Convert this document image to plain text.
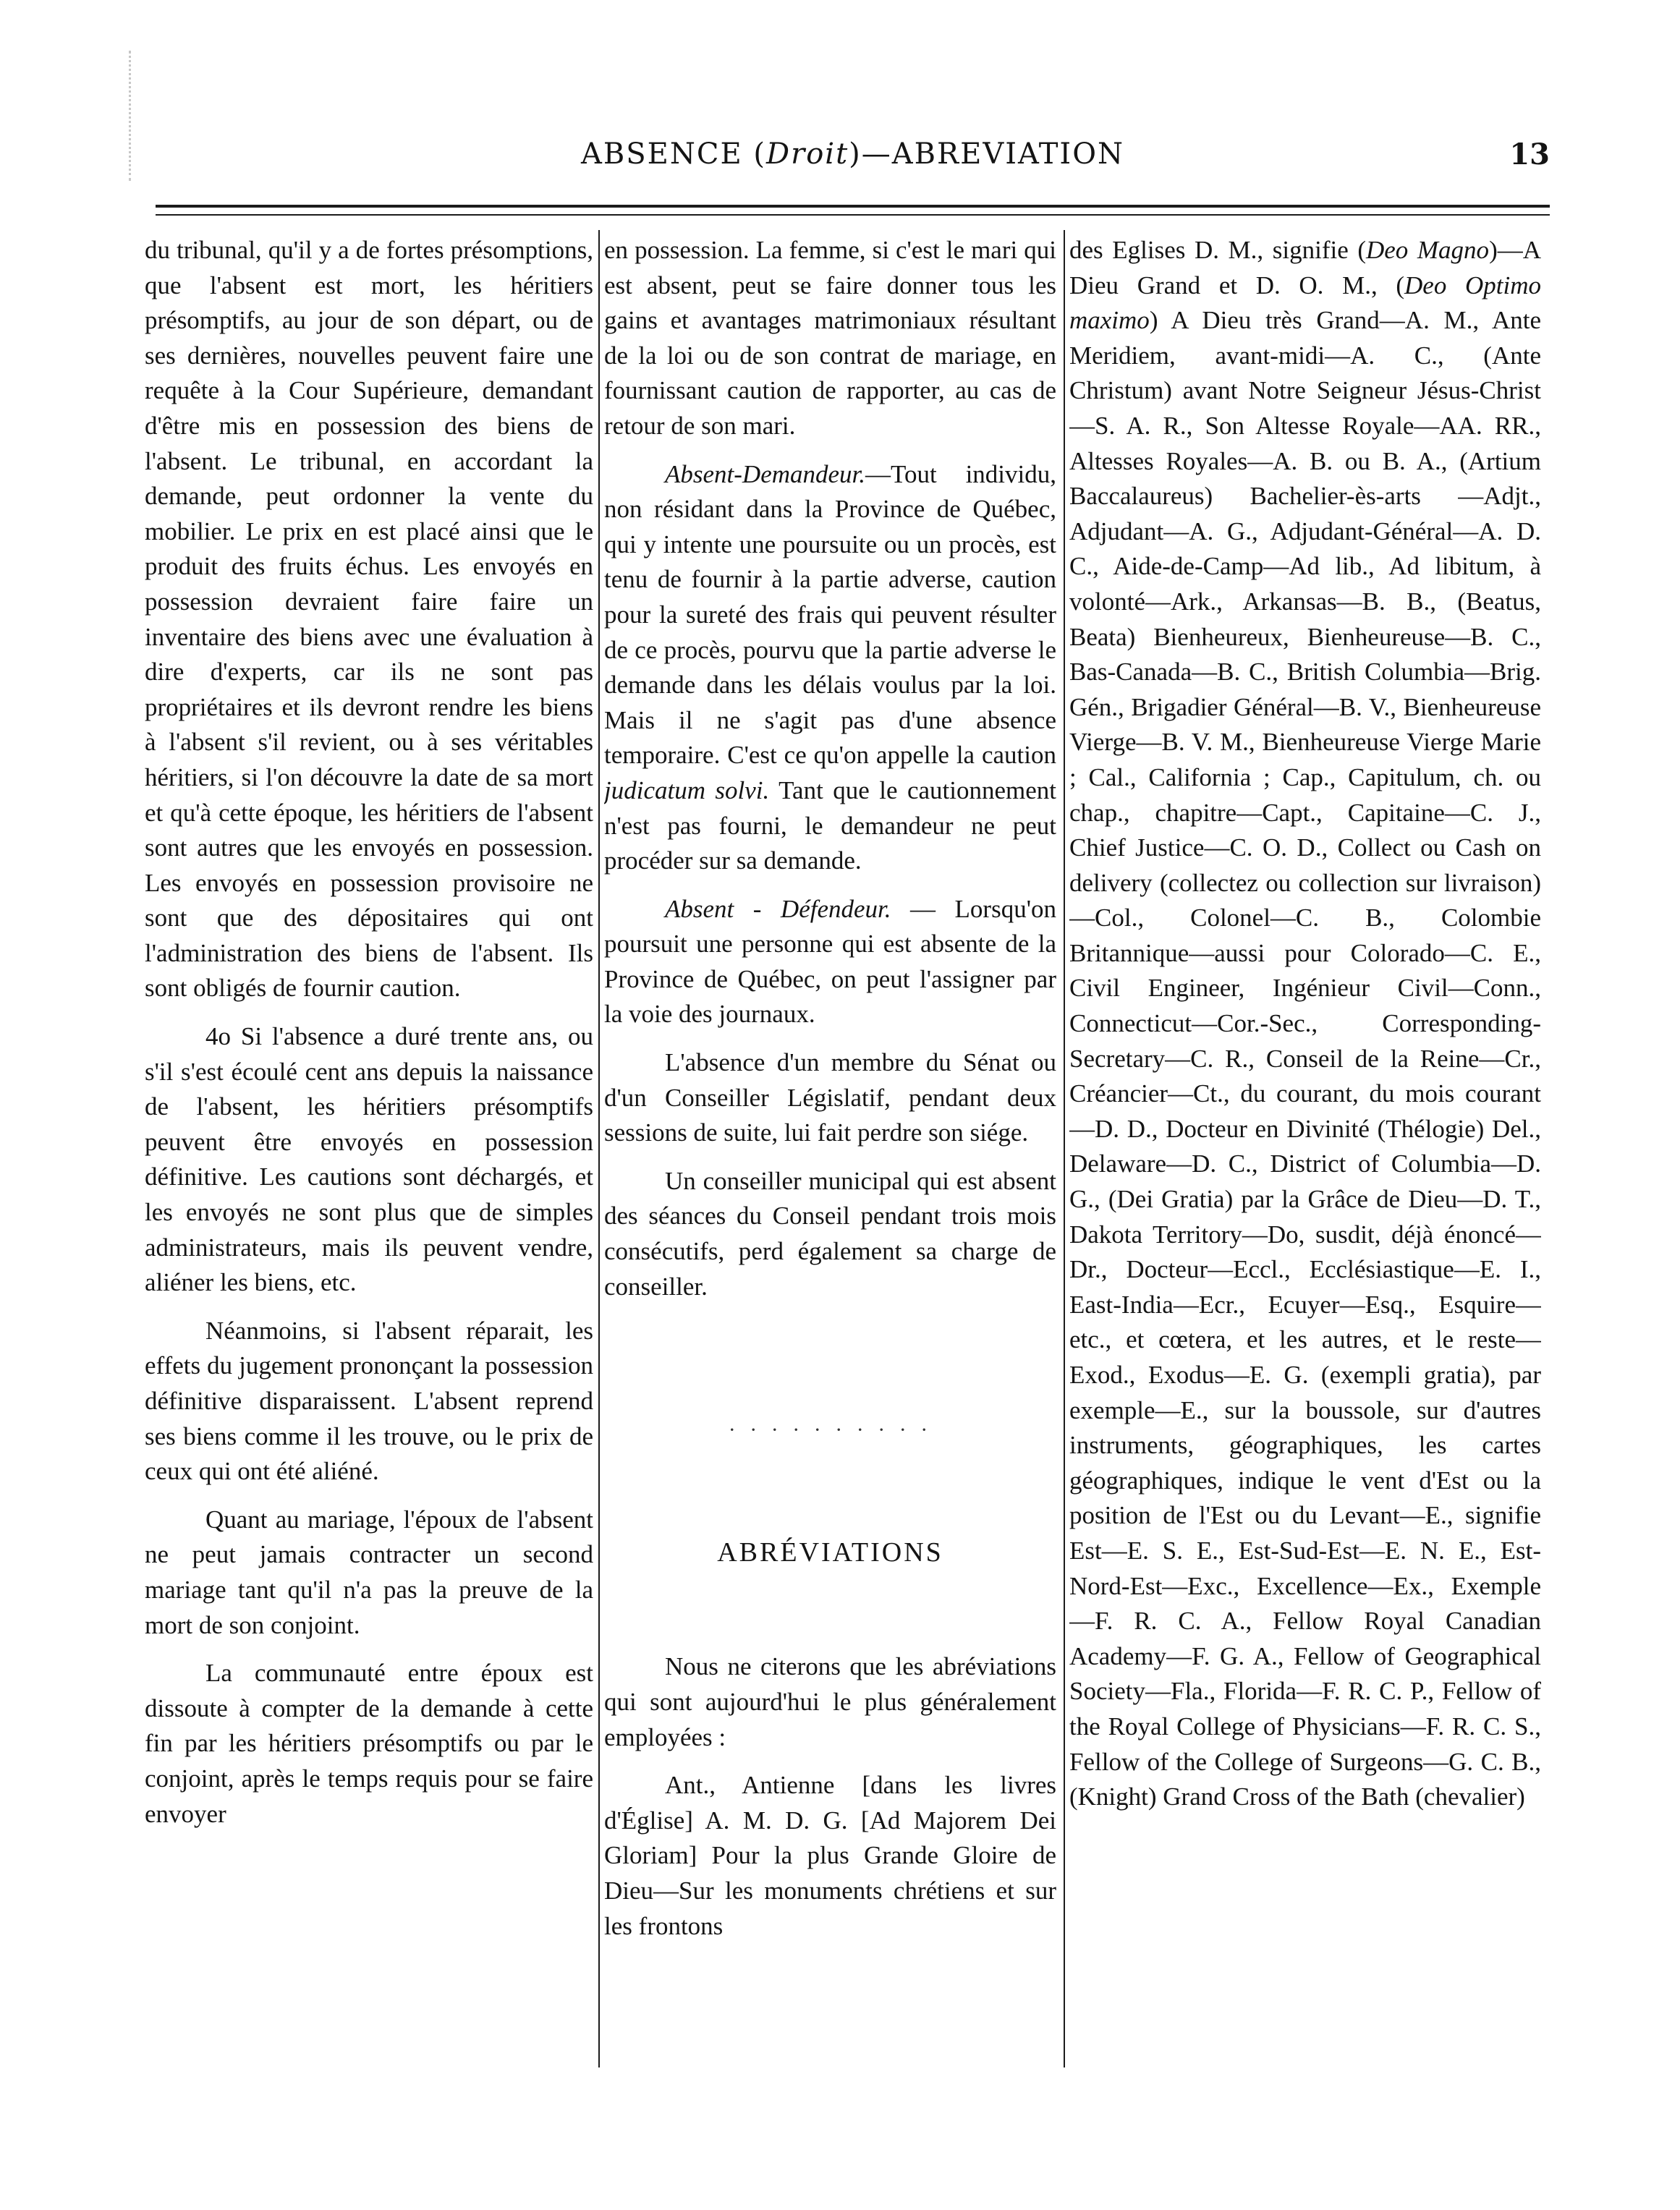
ABSENCE (Droit)—ABREVIATION	13

du tribunal, qu'il y a de fortes présomptions, que l'absent est mort, les héritiers présomptifs, au jour de son départ, ou de ses dernières, nouvelles peuvent faire une requête à la Cour Supérieure, demandant d'être mis en possession des biens de l'absent. Le tribunal, en accordant la demande, peut ordonner la vente du mobilier. Le prix en est placé ainsi que le produit des fruits échus. Les envoyés en possession devraient faire faire un inventaire des biens avec une évaluation à dire d'experts, car ils ne sont pas propriétaires et ils devront rendre les biens à l'absent s'il revient, ou à ses véritables héritiers, si l'on découvre la date de sa mort et qu'à cette époque, les héritiers de l'absent sont autres que les envoyés en possession. Les envoyés en possession provisoire ne sont que des dépositaires qui ont l'administration des biens de l'absent. Ils sont obligés de fournir caution.

4o Si l'absence a duré trente ans, ou s'il s'est écoulé cent ans depuis la naissance de l'absent, les héritiers présomptifs peuvent être envoyés en possession définitive. Les cautions sont déchargés, et les envoyés ne sont plus que de simples administrateurs, mais ils peuvent vendre, aliéner les biens, etc.

Néanmoins, si l'absent réparait, les effets du jugement prononçant la possession définitive disparaissent. L'absent reprend ses biens comme il les trouve, ou le prix de ceux qui ont été aliéné.

Quant au mariage, l'époux de l'absent ne peut jamais contracter un second mariage tant qu'il n'a pas la preuve de la mort de son conjoint.

La communauté entre époux est dissoute à compter de la demande à cette fin par les héritiers présomptifs ou par le conjoint, après le temps requis pour se faire envoyer

en possession. La femme, si c'est le mari qui est absent, peut se faire donner tous les gains et avantages matrimoniaux résultant de la loi ou de son contrat de mariage, en fournissant caution de rapporter, au cas de retour de son mari.

Absent-Demandeur.—Tout individu, non résidant dans la Province de Québec, qui y intente une poursuite ou un procès, est tenu de fournir à la partie adverse, caution pour la sureté des frais qui peuvent résulter de ce procès, pourvu que la partie adverse le demande dans les délais voulus par la loi. Mais il ne s'agit pas d'une absence temporaire. C'est ce qu'on appelle la caution judicatum solvi. Tant que le cautionnement n'est pas fourni, le demandeur ne peut procéder sur sa demande.

Absent - Défendeur. — Lorsqu'on poursuit une personne qui est absente de la Province de Québec, on peut l'assigner par la voie des journaux.

L'absence d'un membre du Sénat ou d'un Conseiller Législatif, pendant deux sessions de suite, lui fait perdre son siége.

Un conseiller municipal qui est absent des séances du Conseil pendant trois mois consécutifs, perd également sa charge de conseiller.

· · · · · · · · · ·
ABRÉVIATIONS

Nous ne citerons que les abréviations qui sont aujourd'hui le plus généralement employées :

Ant., Antienne [dans les livres d'Église] A. M. D. G. [Ad Majorem Dei Gloriam] Pour la plus Grande Gloire de Dieu—Sur les monuments chrétiens et sur les frontons

des Eglises D. M., signifie (Deo Magno)—A Dieu Grand et D. O. M., (Deo Optimo maximo) A Dieu très Grand—A. M., Ante Meridiem, avant-midi—A. C., (Ante Christum) avant Notre Seigneur Jésus-Christ—S. A. R., Son Altesse Royale—AA. RR., Altesses Royales—A. B. ou B. A., (Artium Baccalaureus) Bachelier-ès-arts —Adjt., Adjudant—A. G., Adjudant-Général—A. D. C., Aide-de-Camp—Ad lib., Ad libitum, à volonté—Ark., Arkansas—B. B., (Beatus, Beata) Bienheureux, Bienheureuse—B. C., Bas-Canada—B. C., British Columbia—Brig. Gén., Brigadier Général—B. V., Bienheureuse Vierge—B. V. M., Bienheureuse Vierge Marie ; Cal., California ; Cap., Capitulum, ch. ou chap., chapitre—Capt., Capitaine—C. J., Chief Justice—C. O. D., Collect ou Cash on delivery (collectez ou collection sur livraison)—Col., Colonel—C. B., Colombie Britannique—aussi pour Colorado—C. E., Civil Engineer, Ingénieur Civil—Conn., Connecticut—Cor.-Sec., Corresponding-Secretary—C. R., Conseil de la Reine—Cr., Créancier—Ct., du courant, du mois courant—D. D., Docteur en Divinité (Thélogie) Del., Delaware—D. C., District of Columbia—D. G., (Dei Gratia) par la Grâce de Dieu—D. T., Dakota Territory—Do, susdit, déjà énoncé—Dr., Docteur—Eccl., Ecclésiastique—E. I., East-India—Ecr., Ecuyer—Esq., Esquire—etc., et cœtera, et les autres, et le reste—Exod., Exodus—E. G. (exempli gratia), par exemple—E., sur la boussole, sur d'autres instruments, géographiques, les cartes géographiques, indique le vent d'Est ou la position de l'Est ou du Levant—E., signifie Est—E. S. E., Est-Sud-Est—E. N. E., Est-Nord-Est—Exc., Excellence—Ex., Exemple—F. R. C. A., Fellow Royal Canadian Academy—F. G. A., Fellow of Geographical Society—Fla., Florida—F. R. C. P., Fellow of the Royal College of Physicians—F. R. C. S., Fellow of the College of Surgeons—G. C. B., (Knight) Grand Cross of the Bath (chevalier)
